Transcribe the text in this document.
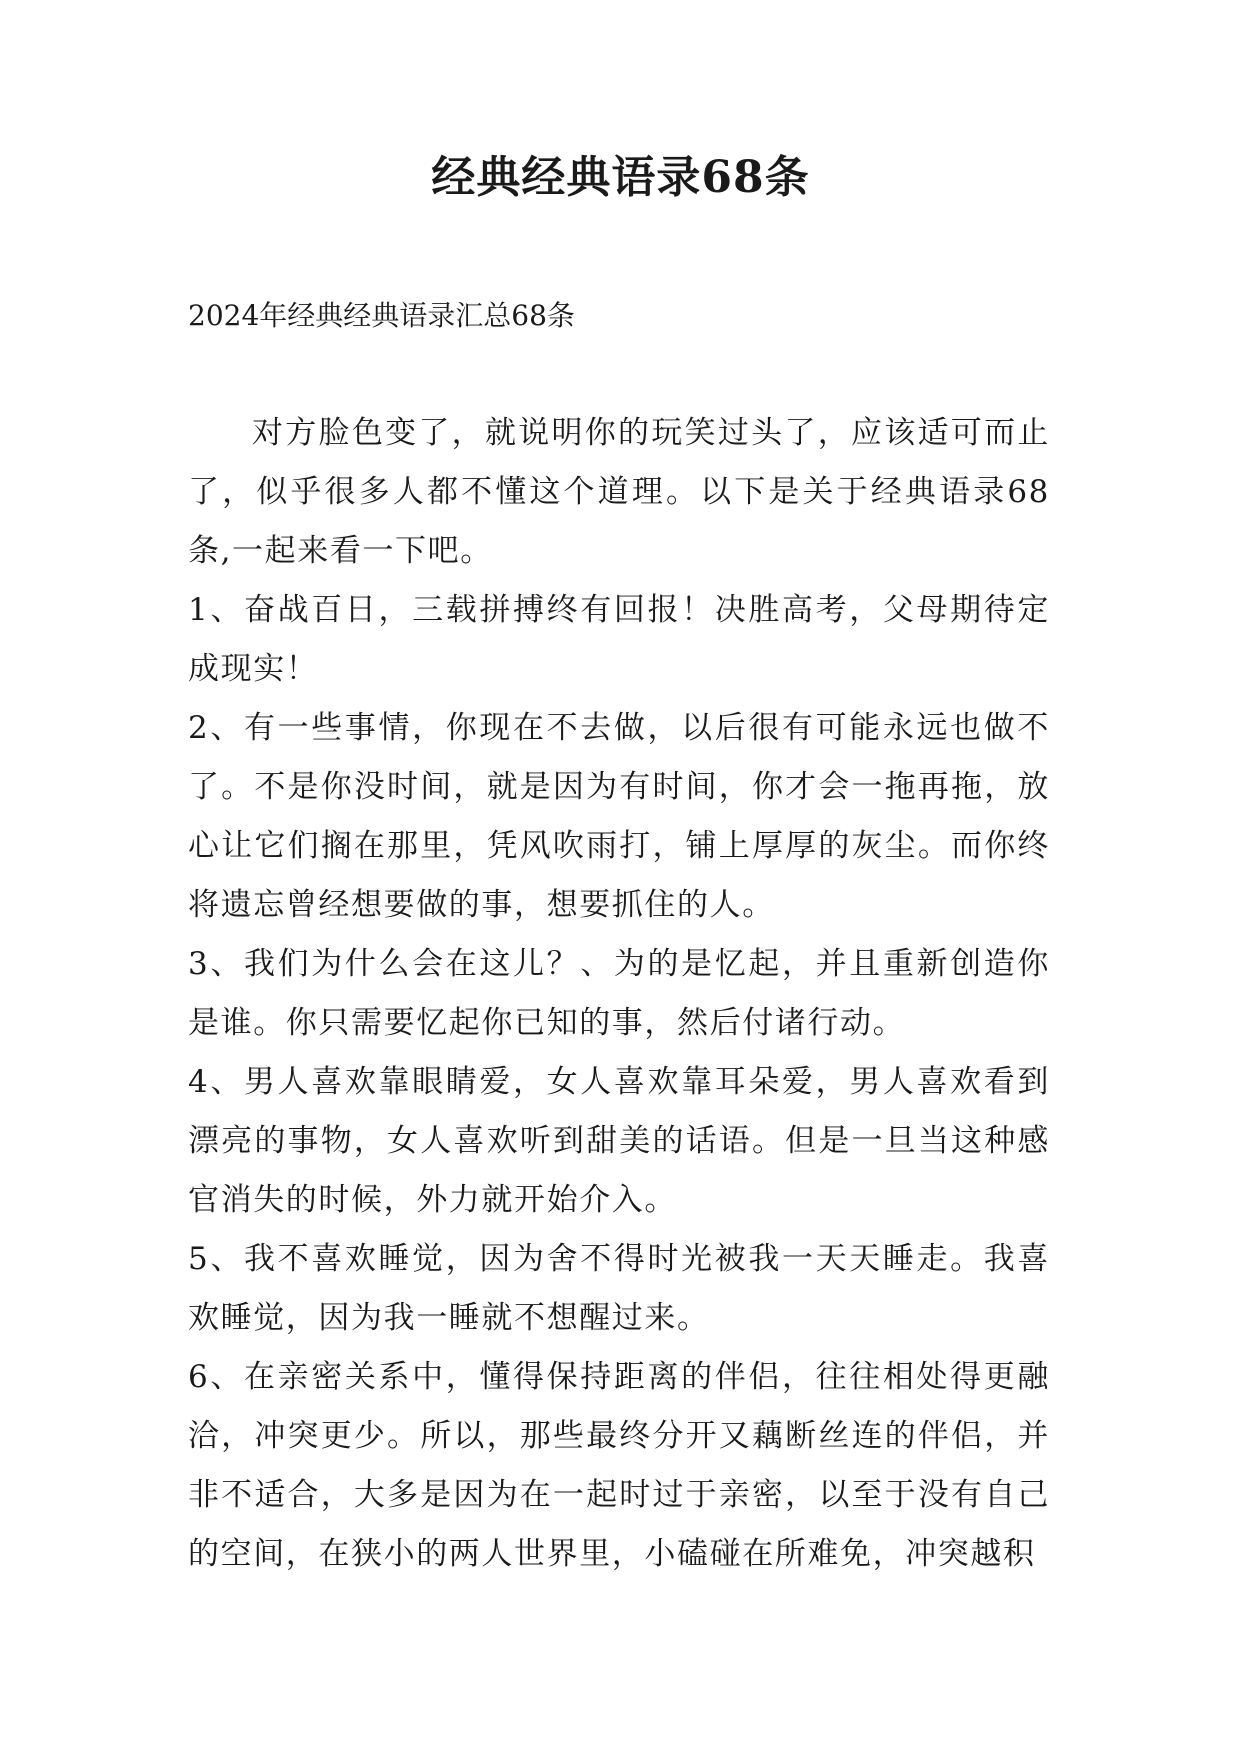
经典经典语录68条

2024年经典经典语录汇总68条

对方脸色变了，就说明你的玩笑过头了，应该适可而止了，似乎很多人都不懂这个道理。以下是关于经典语录68条,一起来看一下吧。

1、奋战百日，三载拼搏终有回报！决胜高考，父母期待定成现实！

2、有一些事情，你现在不去做，以后很有可能永远也做不了。不是你没时间，就是因为有时间，你才会一拖再拖，放心让它们搁在那里，凭风吹雨打，铺上厚厚的灰尘。而你终将遗忘曾经想要做的事，想要抓住的人。

3、我们为什么会在这儿？、为的是忆起，并且重新创造你是谁。你只需要忆起你已知的事，然后付诸行动。

4、男人喜欢靠眼睛爱，女人喜欢靠耳朵爱，男人喜欢看到漂亮的事物，女人喜欢听到甜美的话语。但是一旦当这种感官消失的时候，外力就开始介入。

5、我不喜欢睡觉，因为舍不得时光被我一天天睡走。我喜欢睡觉，因为我一睡就不想醒过来。

6、在亲密关系中，懂得保持距离的伴侣，往往相处得更融洽，冲突更少。所以，那些最终分开又藕断丝连的伴侣，并非不适合，大多是因为在一起时过于亲密，以至于没有自己的空间，在狭小的两人世界里，小磕碰在所难免，冲突越积
